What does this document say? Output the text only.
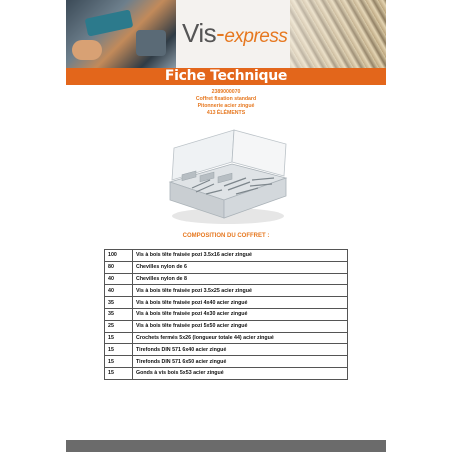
Vis-express
Fiche Technique
2389000070
Coffret fixation standard
Pitonnerie acier zingué
413 ÉLÉMENTS
COMPOSITION DU COFFRET :
100	Vis à bois tête fraisée pozi 3.5x16 acier zingué
80	Chevilles nylon de 6
40	Chevilles nylon de 8
40	Vis à bois tête fraisée pozi 3.5x25 acier zingué
35	Vis à bois tête fraisée pozi 4x40 acier zingué
35	Vis à bois tête fraisée pozi 4x30 acier zingué
25	Vis à bois tête fraisée pozi 5x50 acier zingué
15	Crochets fermés 5x26 (longueur totale 44) acier zingué
15	Tirefonds DIN 571 6x40 acier zingué
15	Tirefonds DIN 571 6x50 acier zingué
15	Gonds à vis bois 5x53 acier zingué
